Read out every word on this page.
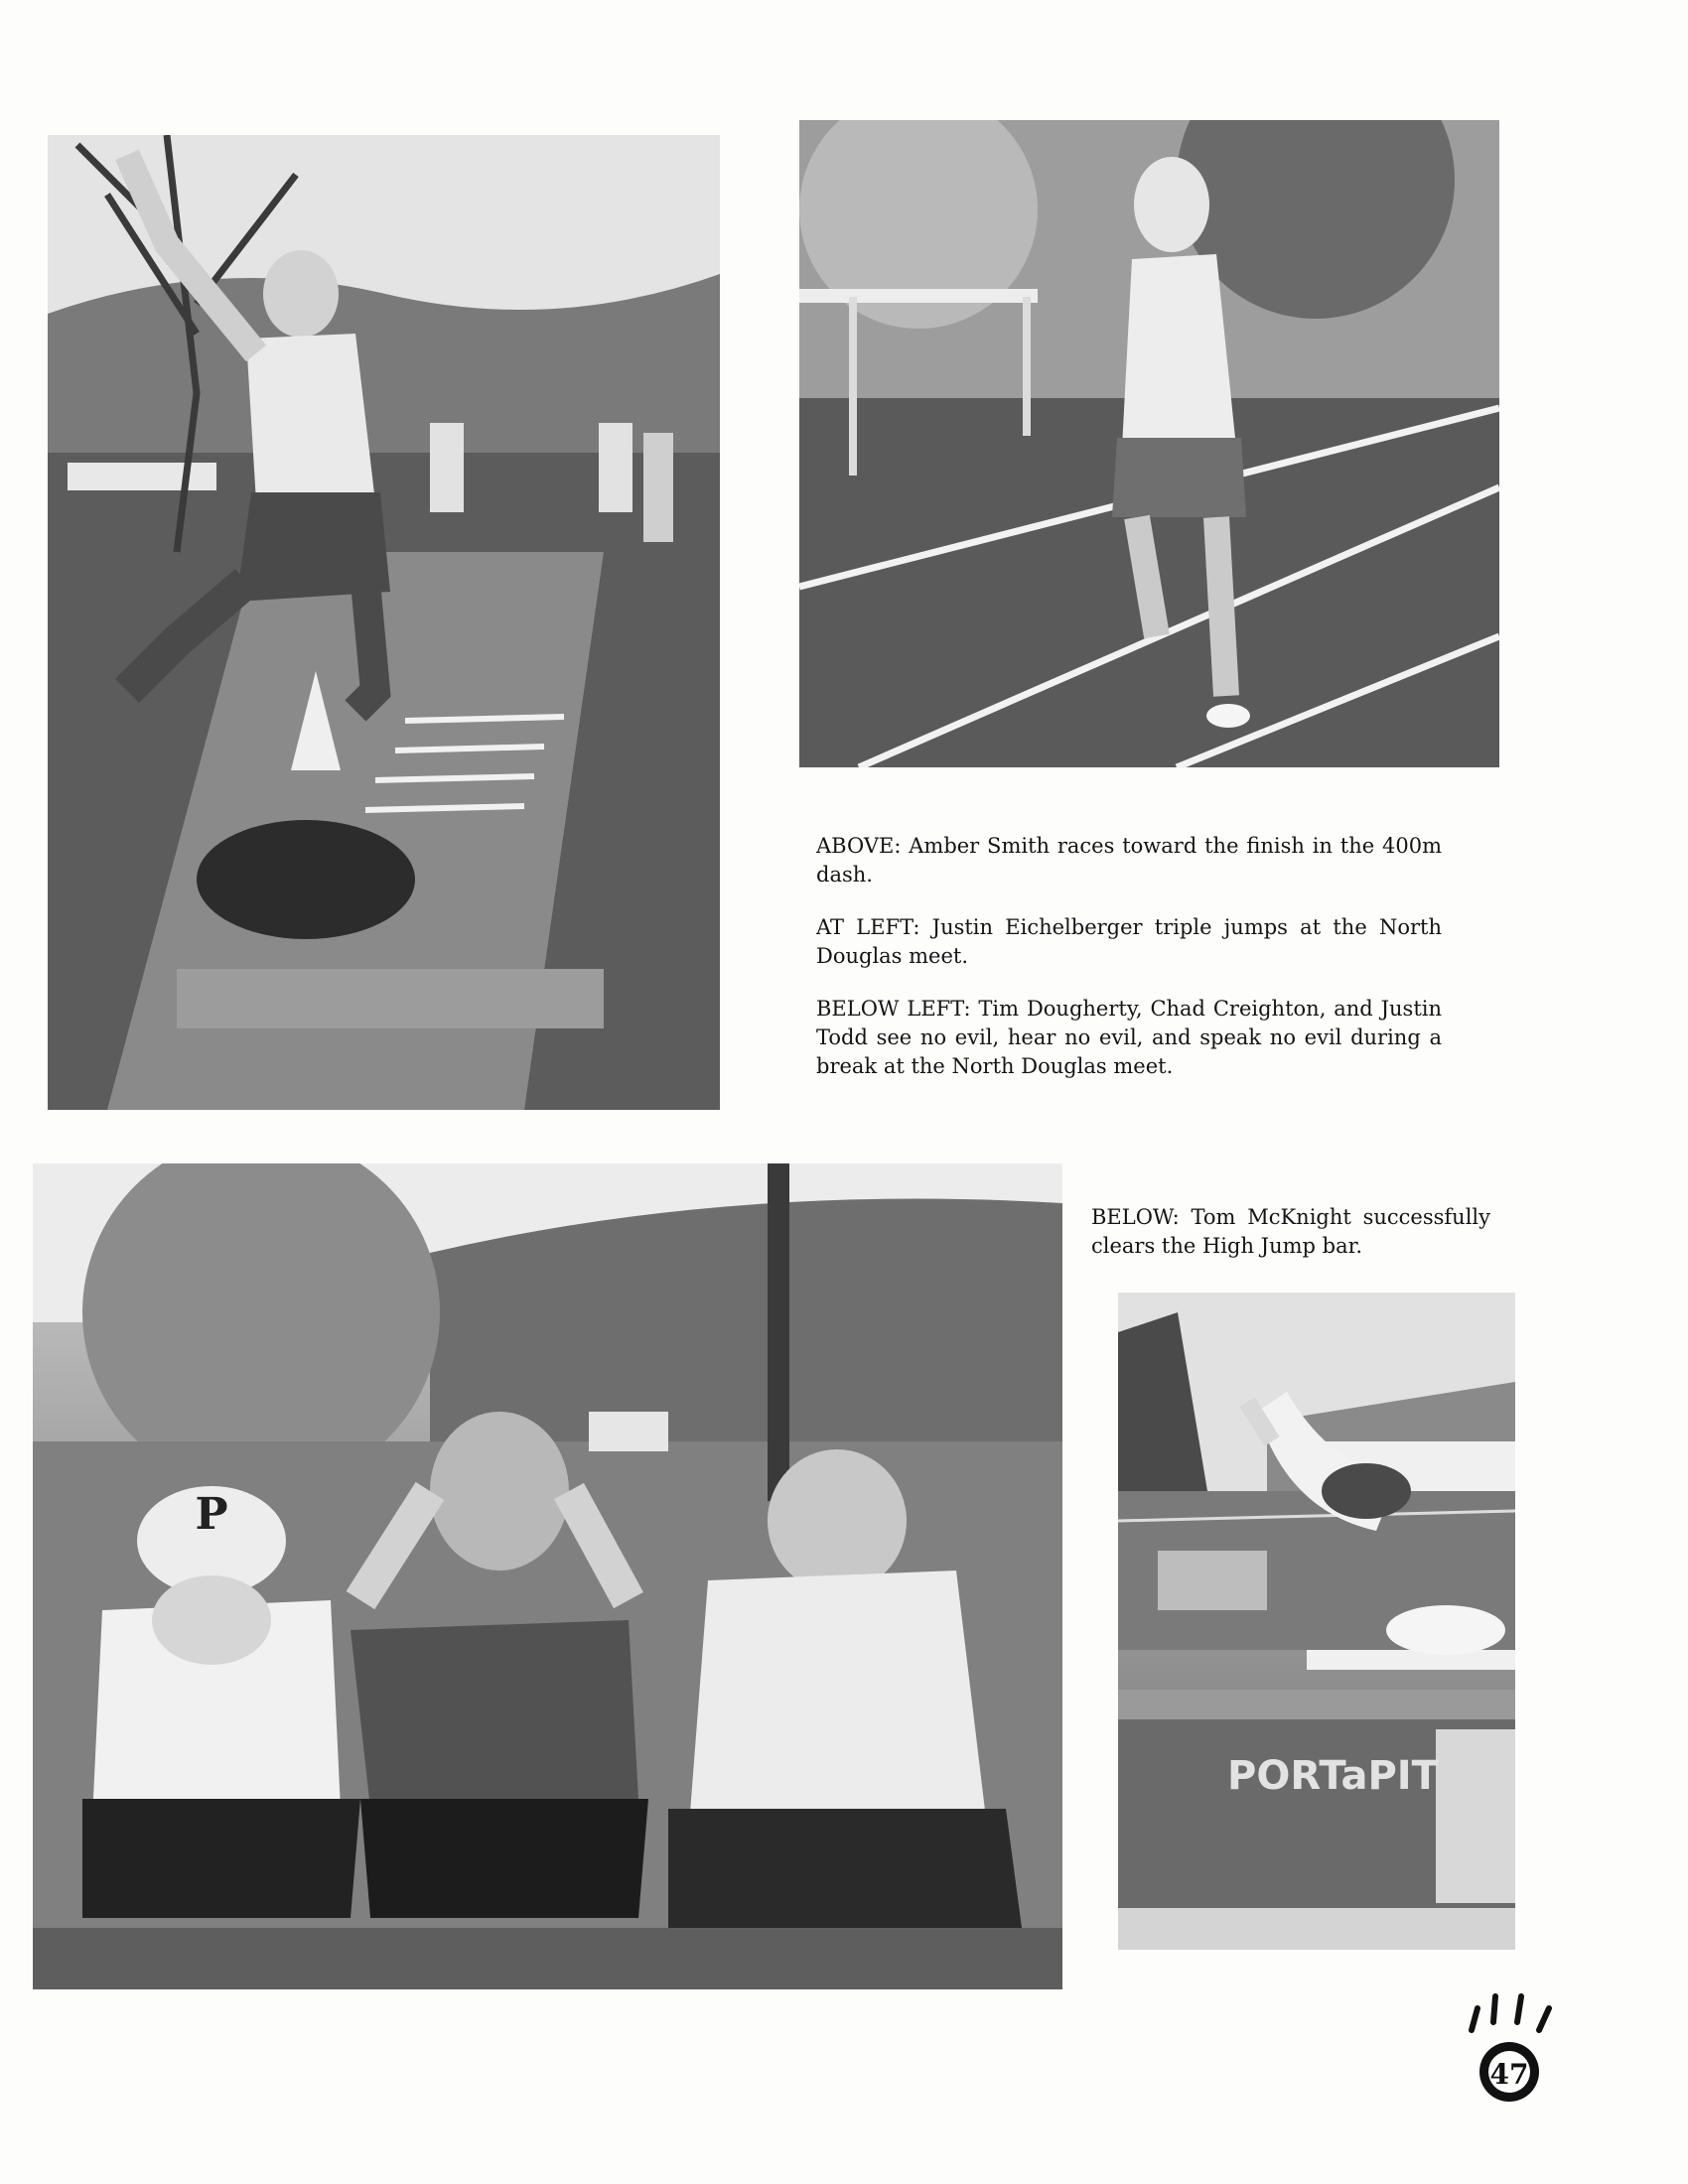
ABOVE: Amber Smith races toward the finish in the 400m dash.

AT LEFT: Justin Eichelberger triple jumps at the North Douglas meet.

BELOW LEFT: Tim Dougherty, Chad Creighton, and Justin Todd see no evil, hear no evil, and speak no evil during a break at the North Douglas meet.

BELOW: Tom McKnight successfully clears the High Jump bar.

P
PORTaPIT
47
